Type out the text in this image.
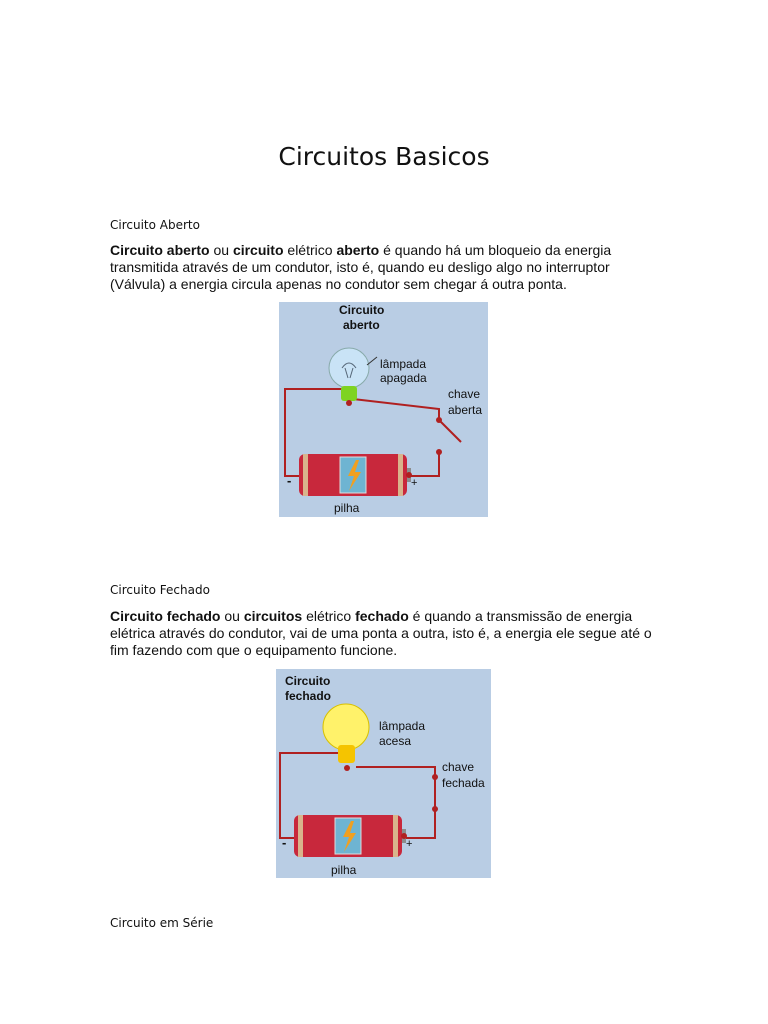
Circuitos Basicos
Circuito Aberto
Circuito aberto ou circuito elétrico aberto é quando há um bloqueio da energia transmitida através de um condutor, isto é, quando eu desligo algo no interruptor (Válvula) a energia circula apenas no condutor sem chegar á outra ponta.
Circuito
aberto
lâmpada
apagada
chave
aberta
-	+
pilha
Circuito Fechado
Circuito fechado ou circuitos elétrico fechado é quando a transmissão de energia elétrica através do condutor, vai de uma ponta a outra, isto é, a energia ele segue até o fim fazendo com que o equipamento funcione.
Circuito
fechado
lâmpada
acesa
chave
fechada
-	+
pilha
Circuito em Série
